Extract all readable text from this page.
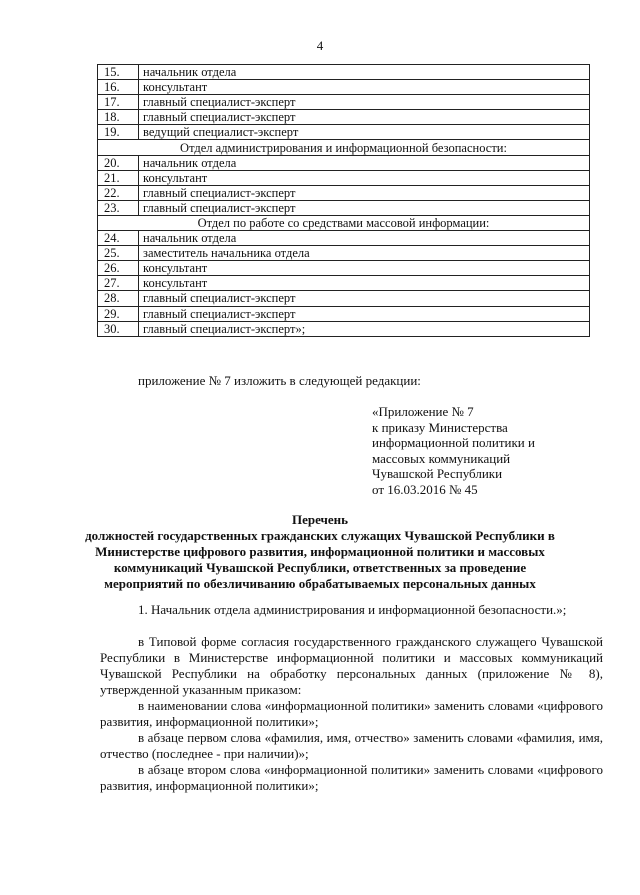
4
15.	начальник отдела
16.	консультант
17.	главный специалист-эксперт
18.	главный специалист-эксперт
19.	ведущий специалист-эксперт
Отдел администрирования и информационной безопасности:	
20.	начальник отдела
21.	консультант
22.	главный специалист-эксперт
23.	главный специалист-эксперт
Отдел по работе со средствами массовой информации:	
24.	начальник отдела
25.	заместитель начальника отдела
26.	консультант
27.	консультант
28.	главный специалист-эксперт
29.	главный специалист-эксперт
30.	главный специалист-эксперт»;
приложение № 7 изложить в следующей редакции:
«Приложение № 7
к приказу Министерства
информационной политики и
массовых коммуникаций
Чувашской Республики
от 16.03.2016 № 45
Перечень
должностей государственных гражданских служащих Чувашской Республики в
Министерстве цифрового развития, информационной политики и массовых
коммуникаций Чувашской Республики, ответственных за проведение
мероприятий по обезличиванию обрабатываемых персональных данных
1. Начальник отдела администрирования и информационной безопасности.»;
в Типовой форме согласия государственного гражданского служащего Чувашской Республики в Министерстве информационной политики и массовых коммуникаций Чувашской Республики на обработку персональных данных (приложение № 8), утвержденной указанным приказом:
в наименовании слова «информационной политики» заменить словами «цифрового развития, информационной политики»;
в абзаце первом слова «фамилия, имя, отчество» заменить словами «фамилия, имя, отчество (последнее - при наличии)»;
в абзаце втором слова «информационной политики» заменить словами «цифрового развития, информационной политики»;
